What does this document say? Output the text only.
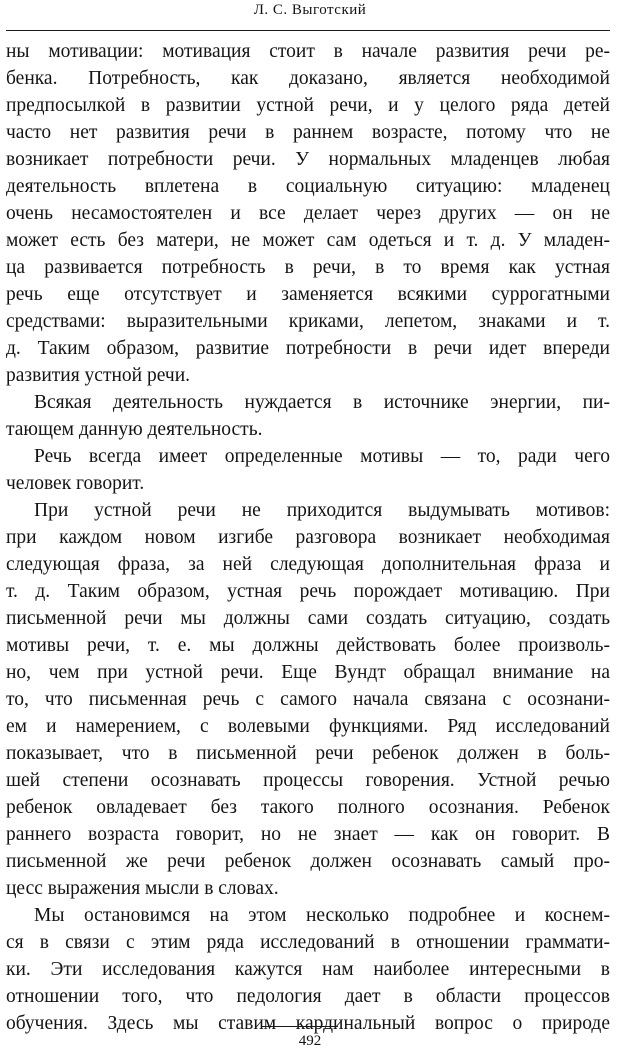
Л. С. Выготский
ны мотивации: мотивация стоит в начале развития речи ре-
бенка. Потребность, как доказано, является необходимой
предпосылкой в развитии устной речи, и у целого ряда детей
часто нет развития речи в раннем возрасте, потому что не
возникает потребности речи. У нормальных младенцев любая
деятельность вплетена в социальную ситуацию: младенец
очень несамостоятелен и все делает через других — он не
может есть без матери, не может сам одеться и т. д. У младен-
ца развивается потребность в речи, в то время как устная
речь еще отсутствует и заменяется всякими суррогатными
средствами: выразительными криками, лепетом, знаками и т.
д. Таким образом, развитие потребности в речи идет впереди
развития устной речи.
Всякая деятельность нуждается в источнике энергии, пи-
тающем данную деятельность.
Речь всегда имеет определенные мотивы — то, ради чего
человек говорит.
При устной речи не приходится выдумывать мотивов:
при каждом новом изгибе разговора возникает необходимая
следующая фраза, за ней следующая дополнительная фраза и
т. д. Таким образом, устная речь порождает мотивацию. При
письменной речи мы должны сами создать ситуацию, создать
мотивы речи, т. е. мы должны действовать более произволь-
но, чем при устной речи. Еще Вундт обращал внимание на
то, что письменная речь с самого начала связана с осознани-
ем и намерением, с волевыми функциями. Ряд исследований
показывает, что в письменной речи ребенок должен в боль-
шей степени осознавать процессы говорения. Устной речью
ребенок овладевает без такого полного осознания. Ребенок
раннего возраста говорит, но не знает — как он говорит. В
письменной же речи ребенок должен осознавать самый про-
цесс выражения мысли в словах.
Мы остановимся на этом несколько подробнее и коснем-
ся в связи с этим ряда исследований в отношении граммати-
ки. Эти исследования кажутся нам наиболее интересными в
отношении того, что педология дает в области процессов
обучения. Здесь мы ставим кардинальный вопрос о природе
492
